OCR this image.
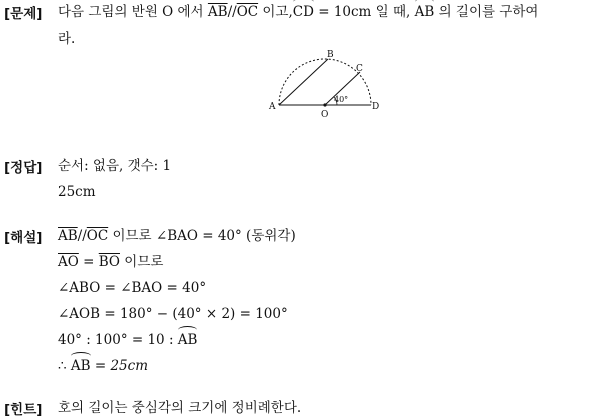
[문제] 다음 그림의 반원 O 에서 $\overline{AB}//\overline{OC}$ 이고,CD = 10cm 일 때, AB 의 길이를 구하여
라.
A
B
C
O
D
40°
[정답] 순서: 없음, 갯수: 1
25cm
[해설] $\overline{AB}//\overline{OC}$ 이므로 ∠BAO = 40° (동위각)
$\overline{AO} = \overline{BO}$ 이므로
∠ABO = ∠BAO = 40°
∠AOB = 180° − (40° × 2) = 100°
40° : 100° = 10 : AB
∴ AB = 25cm
[힌트] 호의 길이는 중심각의 크기에 정비례한다.
